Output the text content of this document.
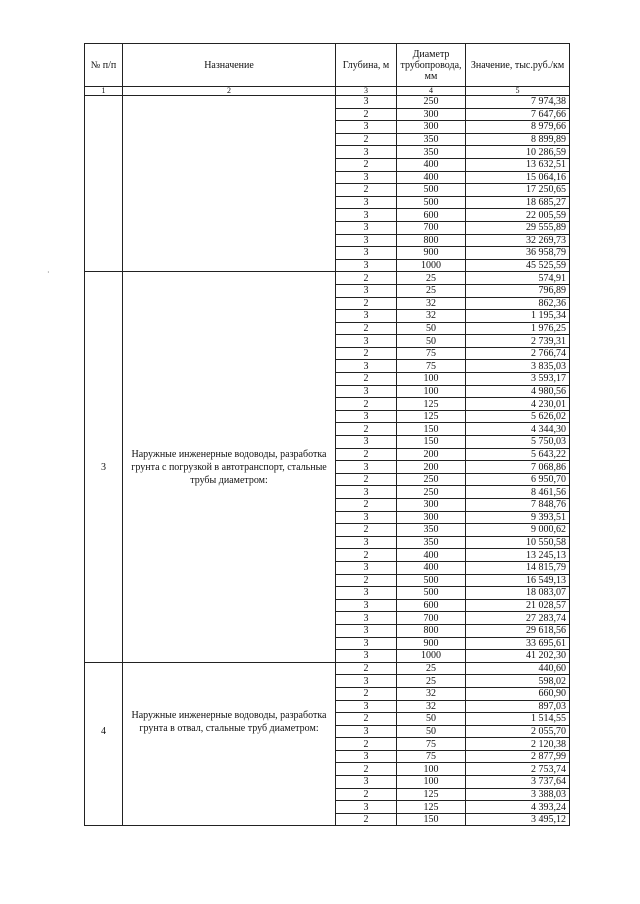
·
№ п/п	Назначение	Глубина, м	Диаметр трубопровода, мм	Значение, тыс.руб./км
1	2	3	4	5
		3	250	7 974,38
		2	300	7 647,66
		3	300	8 979,66
		2	350	8 899,89
		3	350	10 286,59
		2	400	13 632,51
		3	400	15 064,16
		2	500	17 250,65
		3	500	18 685,27
		3	600	22 005,59
		3	700	29 555,89
		3	800	32 269,73
		3	900	36 958,79
		3	1000	45 525,59
3	Наружные инженерные водоводы, разработка грунта с погрузкой в автотранспорт, стальные трубы диаметром:	2	25	574,91
		3	25	796,89
		2	32	862,36
		3	32	1 195,34
		2	50	1 976,25
		3	50	2 739,31
		2	75	2 766,74
		3	75	3 835,03
		2	100	3 593,17
		3	100	4 980,56
		2	125	4 230,01
		3	125	5 626,02
		2	150	4 344,30
		3	150	5 750,03
		2	200	5 643,22
		3	200	7 068,86
		2	250	6 950,70
		3	250	8 461,56
		2	300	7 848,76
		3	300	9 393,51
		2	350	9 000,62
		3	350	10 550,58
		2	400	13 245,13
		3	400	14 815,79
		2	500	16 549,13
		3	500	18 083,07
		3	600	21 028,57
		3	700	27 283,74
		3	800	29 618,56
		3	900	33 695,61
		3	1000	41 202,30
4	Наружные инженерные водоводы, разработка грунта в отвал, стальные труб диаметром:	2	25	440,60
		3	25	598,02
		2	32	660,90
		3	32	897,03
		2	50	1 514,55
		3	50	2 055,70
		2	75	2 120,38
		3	75	2 877,99
		2	100	2 753,74
		3	100	3 737,64
		2	125	3 388,03
		3	125	4 393,24
		2	150	3 495,12
